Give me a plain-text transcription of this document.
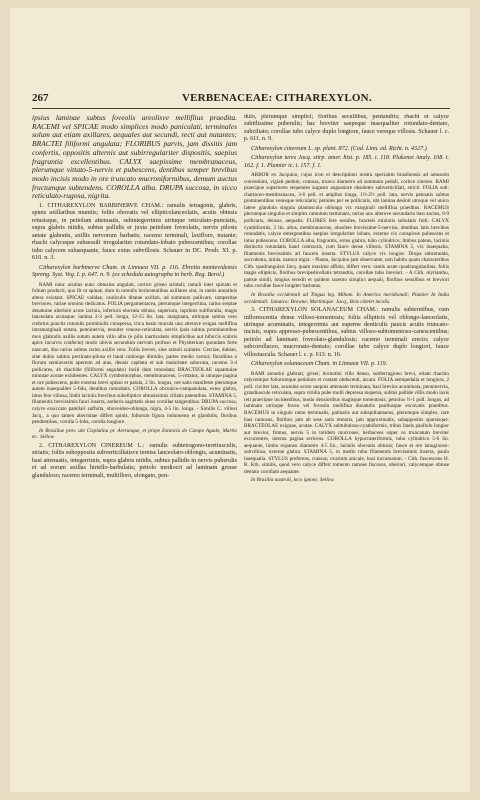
267	VERBENACEAE: CITHAREXYLON.

ipsius laminae subtus foveolis areolisve melliflius praedita. RACEMI vel SPICAE modo simplices modo paniculati, terminales solum aut etiam axillares, aequales aut secundi, recti aut nutantes; BRACTEI filiformi angulata; FLORIBUS parvis, jam dissitis jam confertis, oppositis alternis aut subirregulariter dispositis, saepius fragrantia excellentibus. CALYX saepissime membranaceus, plerumque vittato-5-nervis et pubescens, dentibus semper brevibus modo incisis modo in ore truncato mucroniformibus, demum auctus fructumque subtendens. COROLLA alba. DRUPA succosa, in sicco reticulato-rugosa, nigrita.

1. CITHAREXYLON BARBINERVE CHAM.: ramulis tetragonis, glabris, spinis axillaribus munitis; foliis obovatis vel ellipticolanceolatis, acutis obtusis retusisque, in petiolum attenuatis, subintegerrimis utrinque reticulato-punctatis, supra glabris nitidis, subtus pallidis et juxta petiolum foveolatis, nervis pilosis aetate glabratis, axillis nervorum barbatis; racemo terminali, laxifloro, nutante; rhachi calyceque subsessili irregulariter rotundato-lobato pubescentibus; corollae tubo calycem subaequante, fauce extus subvillosis. Schauer in DC. Prodr. XI. p. 610. n. 3.

Citharexylon barbinerve Cham. in Linnaea VII. p. 116. Ehretia montevidensis Spreng. Syst. Veg. I. p. 647. n. 9. (ex schedula autographa in herb. Reg. Berol.)

RAMI nunc acutius nunc obtusius angulati, cortice griseo striduli; ramuli inter spinam et folium producti, quo fit ut spinae, dum in ramulis horizontalibus axillares sint, in ramis annotinis altera existant. SPICAE validae, cauliculis ditatae axillari, ad summum pallicare, tamperitae breviores, rariae omnino dedicatus. FOLIA pergamentacea, plerumque integerrima, rarius serpiae denaturae alteriore acute lacinia, inferiora obovata obtusa, superiora, inprimis subfloralia, magis lanceolata acutaque; lamina 2-3 pell. longa, 12-15 lin. lata, marginata, utrinque subtus vero crebrius punctis rotundis prominulis conspersa, circa basin macula una alterave exigua melliflua intramarginali notata, penninervia, tenuiter venoso-reticulata, nervis ipsis subtus prominentibus mox glabratis axillis sutum autem villo albo (e pilis inarticulatis simplicibus aut bifurcis scabris apice incurvis confecto) modo ubivis secundum nervum profuso et Physiterium quondam forte nascunt, duo rarius subtus rarius axillis vera. Foliis breves, sine ramuli scalares. Cerciae, dubiae, sine dubio subtus pectinato-pilosa et haud conlonge dimidio, partes medio cernui; floralibus a florum semiaversis apertum ad aras, densis capitata et sub maturitate subovata, racemo 3-4 pollicares, ab rhachide (filiformi angulato) facili dum rotundata; BRACTEOLAE squamulae minutae acutae exhibentes. CALYX cymbomorphus, membranaceus, 5-vittatus, in utraque pagina et ore pubescens, pube externa brevi spisso et patula, 2 lin. longus, ore satis manifeste plerumque autem inaequaliter 5-fido, dentibus rotundatis. COROLLA obconico-campanulata, extus glabra, intus fere villosa, limbi laciniis brevibus subelliptico obtusissimis ciliatis patentibus. STAMINA 5, filamentis brevissimis fauci inserta, antheris sagittatis sinus corollae tangentibus. DRUPA succosa, calyce exsiccato patellari suffulta, obovoideo-oblonga, nigra, 4-5 lin. longa. - Similis C. villosi Jacq., a quo tamen aberrimae differt spinis, foliorum figura indumento et glandulis, floribus pendentibus, corolla 5-loba, corolla longiore.

In Brasiliae prov. ubi Cisplatina pr. Arerunque, et prope Estancia do Campo Agudo, Martio m.: Sellow.

2. CITHAREXYLON CINEREUM L.: ramulis subtetragono-teretiusculis, striatis; foliis subopposita subverticillatisve terniss lanceolato-oblongis, acuminatis, basi attenuatis, integerrimis, supra glabris nitidis, subtus pallidis in nervis puberulis et ad eorum axillas hirtello-barbulatis; petiolo mediocri ad laminam grosse glanduloso; racemo terminali, multifloro, elongato, pen-

dulo, plerumque simplici; floribus secullibus, pentandris; rhachi et calyce subtilissime puberulis; hac breviter saepeque inaequaliter rotundato-dentato, subciliato; corollae tubo calyce duplo longiore, fauce vereque villosis. Schauer l. c. p. 611. n. 9.

Citharexylon cinereum L. sp. plant. 872. (Cod. Linn. ed. Richt. n. 4327.)

Citharexylon teres Jacq. stirp. amer. hist. p. 185. t. 118. Plukenet Analy. 108. t. 162. f. 1. Plumier ic. t. 157. f. 1.

ARBOR ex Jacquino, cujus icon et descriptioni nostra speciatim brasiliensis ad amussim conveniunt, vigiati pedum, comosa, trunco diametro ad summum pedali, cortice cinereo. RAMI praecipue superiores sequentes augusto angustiore obsoletes subverticillati, stricti. FOLIA sub-chartaceo-membranacea, 3-6 pell. et amplius longa, 1½-2½ poll. lata, nervis pennatis subtus prominentibus venisque reticulatis; petioles per se pollicaris, ubi lamina desinit utroque vel unico latere glandula singula planiuscula oblonga vix marginali melliflua praeditus. RACEMUS plerumque singulus et simplex ramulum terminans, rarius uno alterove secundario basi auctus, 6-9 pollicaris, densus, aequalis. FLORES fere sessiles, bracteis minimis subulatis fulti. CALYX cyathiformis, 2 lin. altus, membranaceus, obsolete brevissime-5-nervius, dentibus latis brevibus rotundatis, calyce emergentibus saepius irregulariter lobato, externe vix conspicue pubescens et intus pubescens. COROLLA alba, fragrantis, extus glabra, tubo cylindrico; limbus patens, laciniis distinctis rotundatis haud contractis, cum fauce dense villosis. STAMINA 5, vix inaequalia, filamentis brevissimis ad faucem inserta. STYLUS calyce vix longior. Drupa subrotunda, succulenta, nitida, matura nigra. - Planta, Jacquino jam observante, tam habitu quam characteribus Cith. quadrangulari Jacq. quam maxime affinis, differt vero: ramis acute quadrangularibus, foliis magis ellipticis, floribus brevipedicellatis tetrandris, corollae tubo breviori. - A Cith. myrianthu, patrue simili, longius recedit et quidem racemo simplici aequali, floribus sessilibus et breviori tubo corollae fauce longiter barbatus.

In Brasilia occidentali ad Tingua leg. Miham. In America meridionali; Plumier In India occidentali: Jamaica: Browne; Martinique: Jacq., Bois côtelet incolis.

3. CITHAREXYLON SOLANACEUM CHAM.: ramulis subteretibus, cum inflorescentia dense villoso-tomentosis; foliis ellipticis vel oblongo-lanceolatis, utrinque acuminatis, integerrimis aut superne denticulis paucis acutis truncato-incisis, supra appresso-pubescentibus, subtus villoso-subtomentoso-canescentibus; petiolo ad laminam foveolato-glandulosis; racemo terminali erecto; calyce subcorollaceo, mucronato-dentato; corollae tubo calyce duplo longiori, fauce villosiuscula. Schauer l. c. p. 613. n. 16.

Citharexylon solanaceum Cham. in Linnaea VII. p. 119.

RAMI annotini glabrati, grisei; hornotini villo denso, subferrugineo brevi, etiam rhachin calycemque foliorumque petiolum et costam obducenti, incani. FOLIA semipedalia et longiora, 2 poll. circiter lata, acumine acuto saepius attenuato terminata, basi brevius acuminata, penninervia, grandiuscule reticulata, supra viridia pube molli depressa inspersa, subtus pallide villis modo laxis reti praecipue incidentibus, modo densioribus magisque tomentosis; petiolus ½-1 poll. longus, ad laminam utrinque fovea vel foveola melliflua donatulis pauliusque excavatis praeditus. RACEMUS in singulo ramo terminalis, palmaris aut subspithamaeus, plerumque simplex, rare basi ramosus, floribus jam ab sese satis remotis, jam approximatis, subappositis sparsisque. BRACTEOLAE exiguae, acutae. CALYX subtubuloso-cyathiformis, tribus lineis paullulo longior aut brevior, firmus, nervis 5 in totidem mucrones, herbaceos super os truncatum breviter excurrentes, interna pagina sericeus. COROLLA hypocrateriformis, tubo cylindrico 5-6 lin. aequante, limbo expanso diametro 4-5 lin., laciniis obovatis obtusis; fauce et ore lanuginoso-subvillosa, externe glabra. STAMINA 5, in medio tubo filamentis brevissimis inserta, paulo inaequalia. STYLUS preferens, crassus; ovarium anicale, basi incrassatum. - Cith. fuscescens H. B. Kth. similis, quod vero calyce differt tomento ramose fiscosus, uberiori, calycemque obtuse dentato corollam aequante.

In Brasilia australi, loco ignoto: Sellow.
